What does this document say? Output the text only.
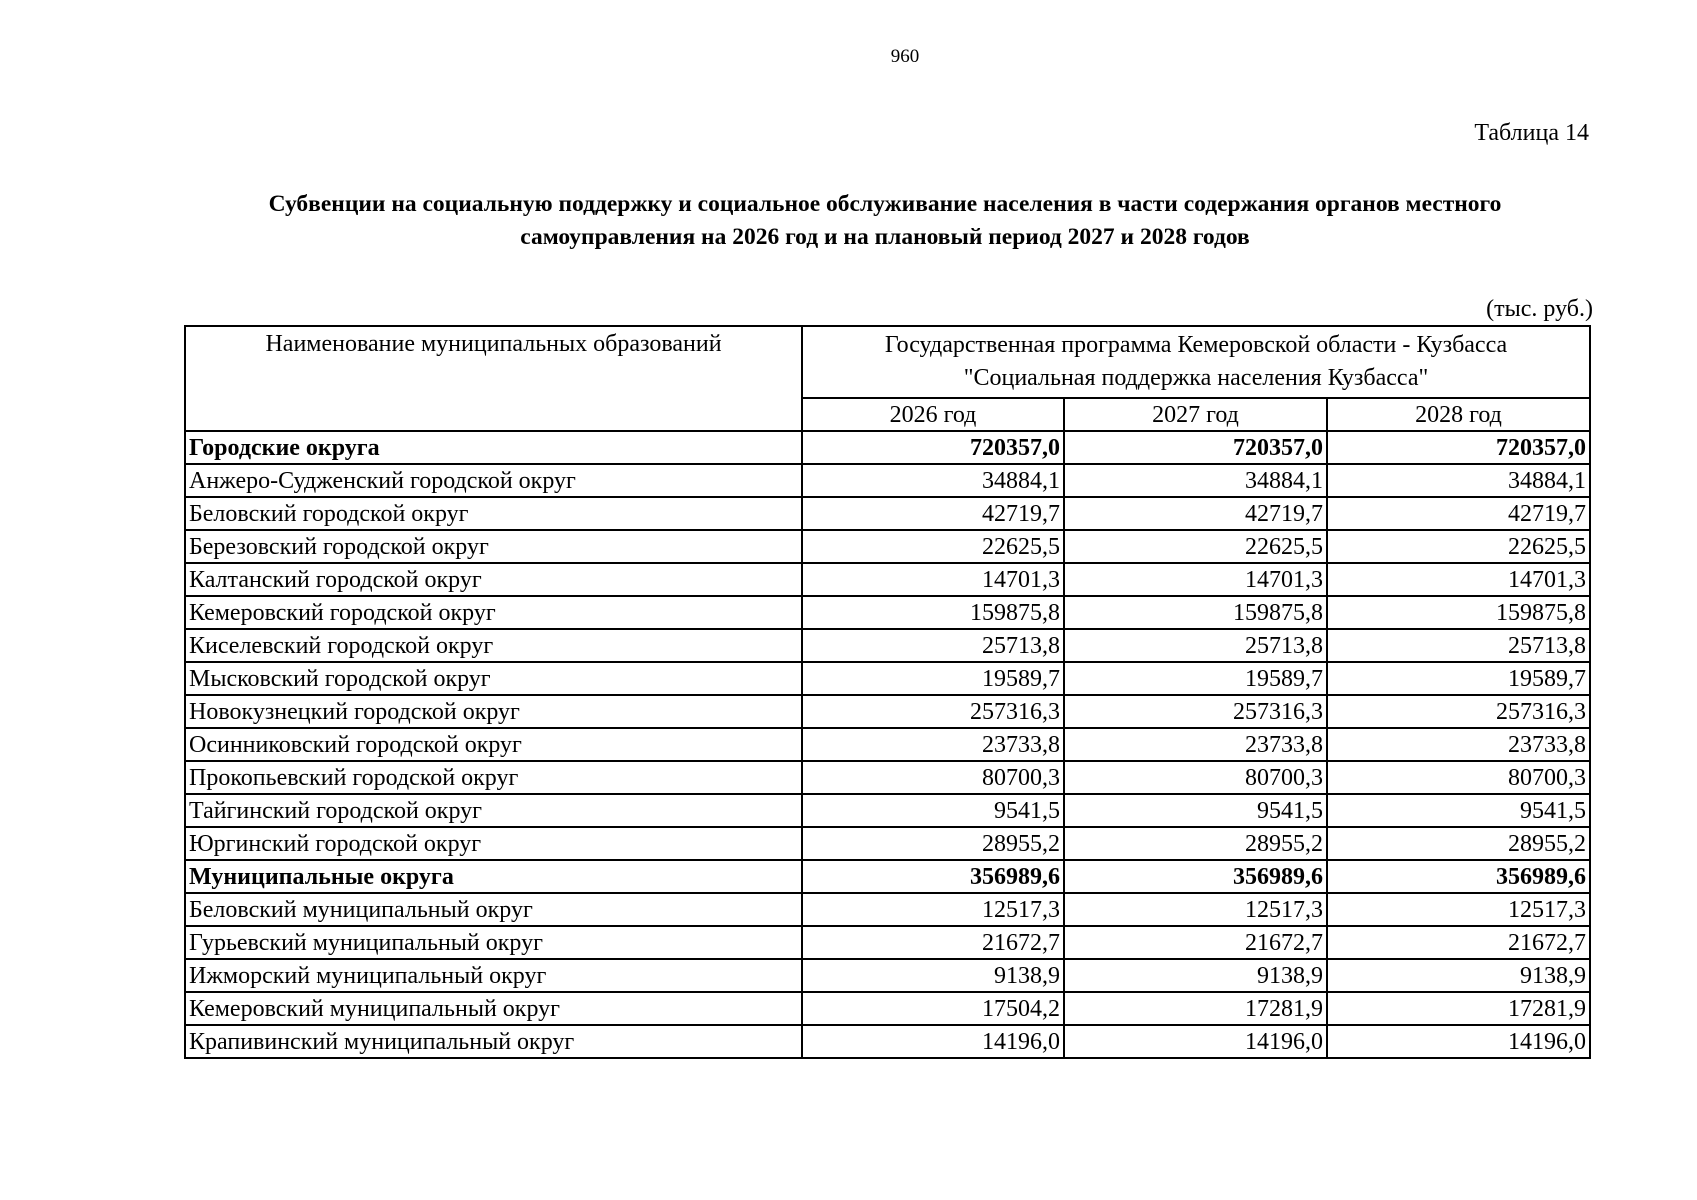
960
Таблица 14
Субвенции на социальную поддержку и социальное обслуживание населения в части содержания органов местного
самоуправления на 2026 год и на плановый период 2027 и 2028 годов
(тыс. руб.)
Наименование муниципальных образований	Государственная программа Кемеровской области - Кузбасса
"Социальная поддержка населения Кузбасса"		

	2026 год	2027 год	2028 год
Городские округа	720357,0	720357,0	720357,0
Анжеро-Судженский городской округ	34884,1	34884,1	34884,1
Беловский городской округ	42719,7	42719,7	42719,7
Березовский городской округ	22625,5	22625,5	22625,5
Калтанский городской округ	14701,3	14701,3	14701,3
Кемеровский городской округ	159875,8	159875,8	159875,8
Киселевский городской округ	25713,8	25713,8	25713,8
Мысковский городской округ	19589,7	19589,7	19589,7
Новокузнецкий городской округ	257316,3	257316,3	257316,3
Осинниковский городской округ	23733,8	23733,8	23733,8
Прокопьевский городской округ	80700,3	80700,3	80700,3
Тайгинский городской округ	9541,5	9541,5	9541,5
Юргинский городской округ	28955,2	28955,2	28955,2
Муниципальные округа	356989,6	356989,6	356989,6
Беловский муниципальный округ	12517,3	12517,3	12517,3
Гурьевский муниципальный округ	21672,7	21672,7	21672,7
Ижморский муниципальный округ	9138,9	9138,9	9138,9
Кемеровский муниципальный округ	17504,2	17281,9	17281,9
Крапивинский муниципальный округ	14196,0	14196,0	14196,0
